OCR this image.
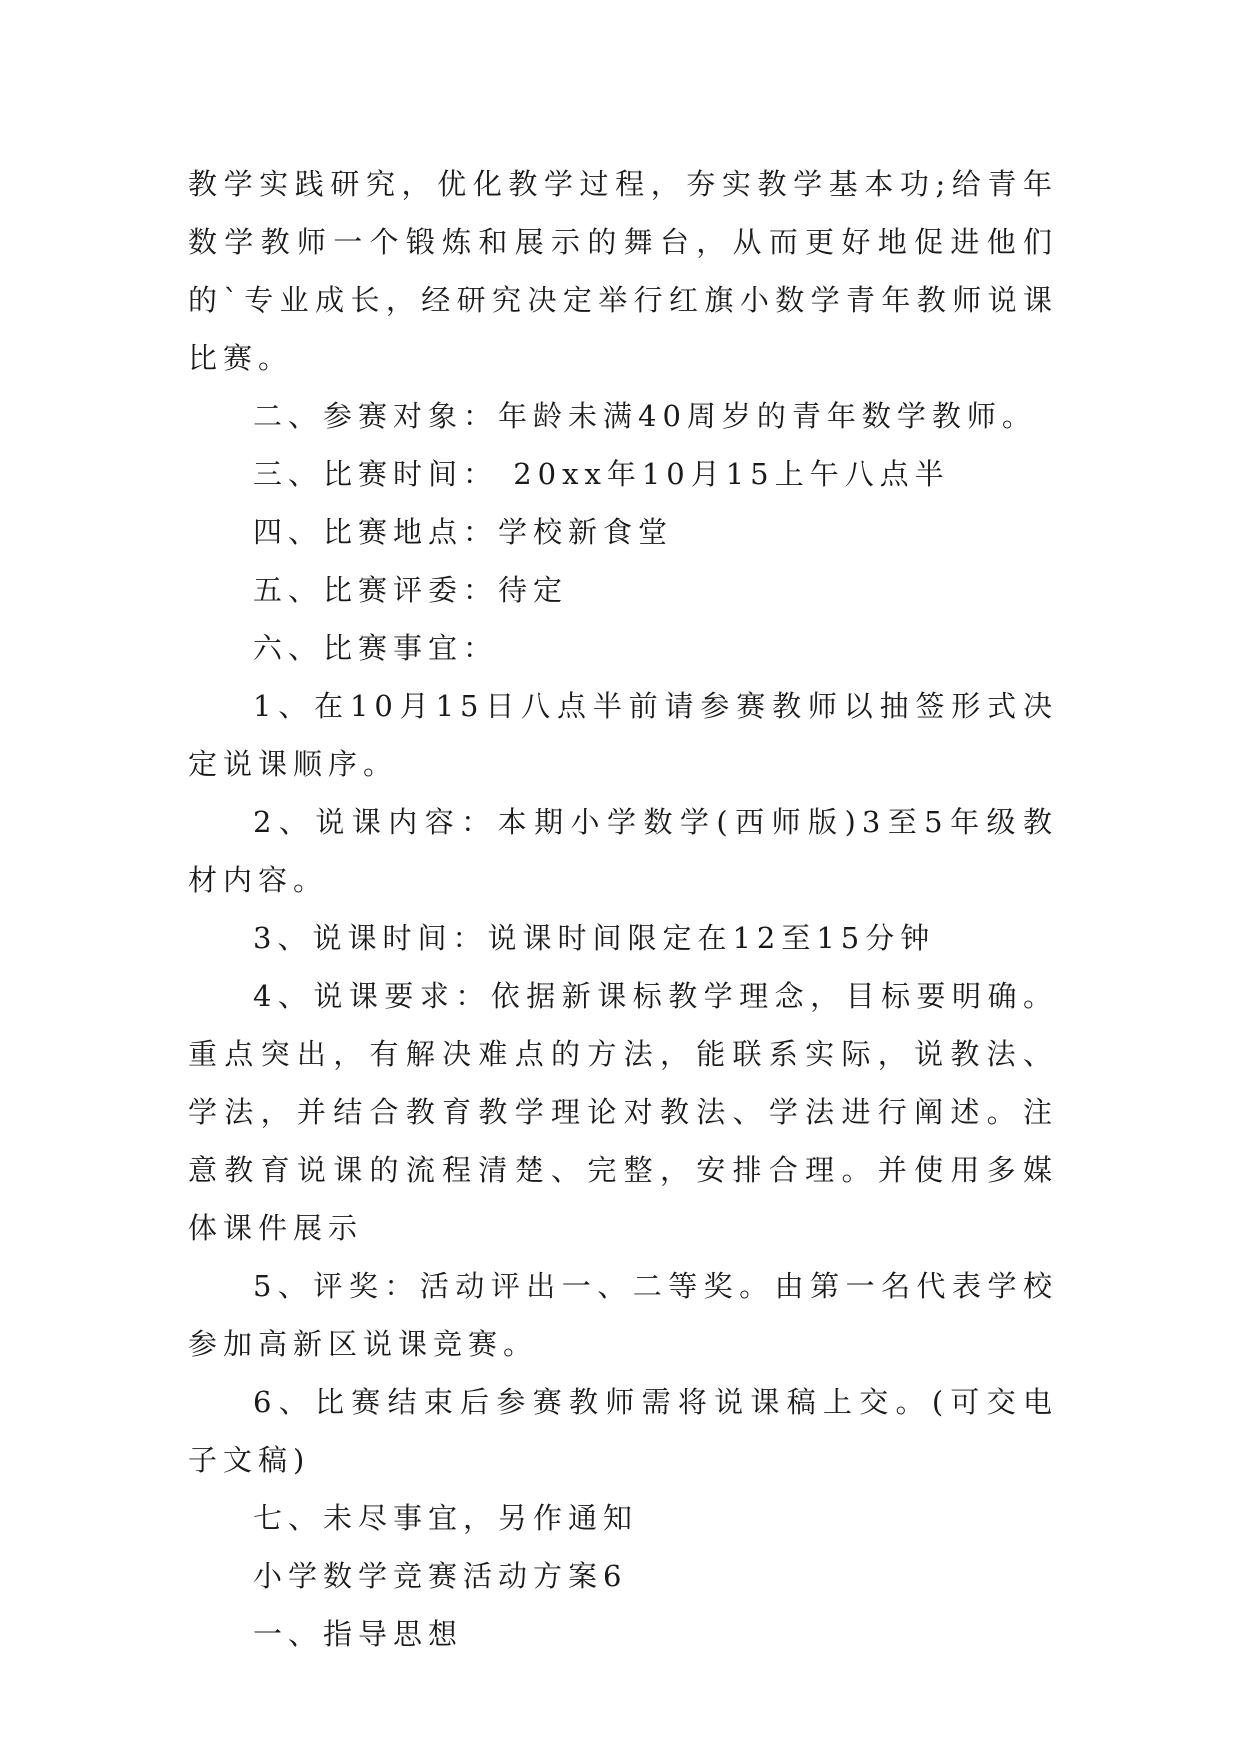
教学实践研究，优化教学过程，夯实教学基本功;给青年数学教师一个锻炼和展示的舞台，从而更好地促进他们的`专业成长，经研究决定举行红旗小数学青年教师说课比赛。

二、参赛对象：年龄未满40周岁的青年数学教师。

三、比赛时间： 20xx年10月15上午八点半

四、比赛地点：学校新食堂

五、比赛评委：待定

六、比赛事宜：

1、在10月15日八点半前请参赛教师以抽签形式决定说课顺序。

2、说课内容：本期小学数学(西师版)3至5年级教材内容。

3、说课时间：说课时间限定在12至15分钟

4、说课要求：依据新课标教学理念，目标要明确。重点突出，有解决难点的方法，能联系实际，说教法、学法，并结合教育教学理论对教法、学法进行阐述。注意教育说课的流程清楚、完整，安排合理。并使用多媒体课件展示

5、评奖：活动评出一、二等奖。由第一名代表学校参加高新区说课竞赛。

6、比赛结束后参赛教师需将说课稿上交。(可交电子文稿)

七、未尽事宜，另作通知

小学数学竞赛活动方案6

一、指导思想
